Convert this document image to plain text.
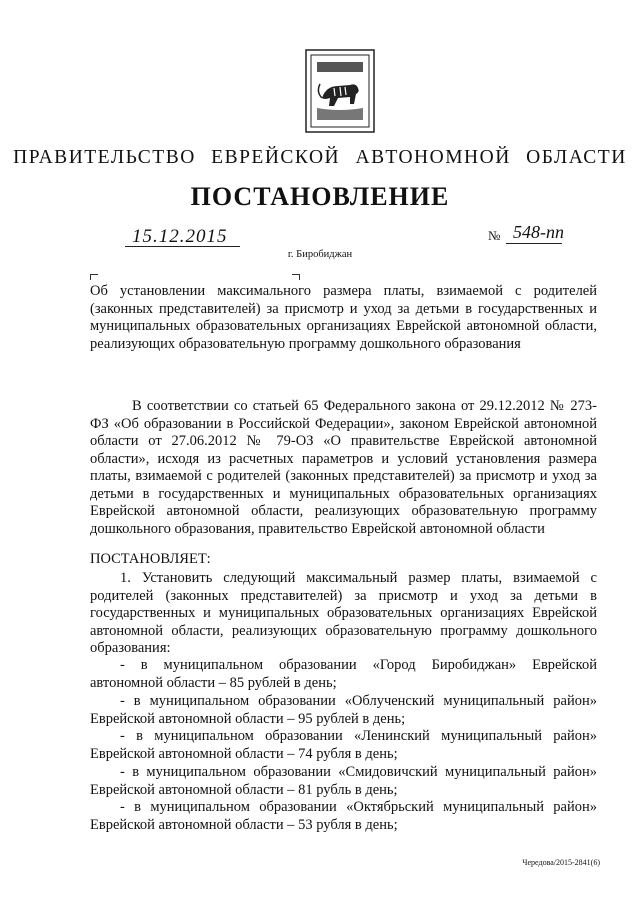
ПРАВИТЕЛЬСТВО ЕВРЕЙСКОЙ АВТОНОМНОЙ ОБЛАСТИ
ПОСТАНОВЛЕНИЕ
15.12.2015	№ 548-пп
г. Биробиджан

Об установлении максимального размера платы, взимаемой с родителей (законных представителей) за присмотр и уход за детьми в государственных и муниципальных образовательных организациях Еврейской автономной области, реализующих образовательную программу дошкольного образования

В соответствии со статьей 65 Федерального закона от 29.12.2012 № 273-ФЗ «Об образовании в Российской Федерации», законом Еврейской автономной области от 27.06.2012 № 79-ОЗ «О правительстве Еврейской автономной области», исходя из расчетных параметров и условий установления размера платы, взимаемой с родителей (законных представителей) за присмотр и уход за детьми в государственных и муниципальных образовательных организациях Еврейской автономной области, реализующих образовательную программу дошкольного образования, правительство Еврейской автономной области

ПОСТАНОВЛЯЕТ:

1. Установить следующий максимальный размер платы, взимаемой с родителей (законных представителей) за присмотр и уход за детьми в государственных и муниципальных образовательных организациях Еврейской автономной области, реализующих образовательную программу дошкольного образования:

- в муниципальном образовании «Город Биробиджан» Еврейской автономной области – 85 рублей в день;

- в муниципальном образовании «Облученский муниципальный район» Еврейской автономной области – 95 рублей в день;

- в муниципальном образовании «Ленинский муниципальный район» Еврейской автономной области – 74 рубля в день;

- в муниципальном образовании «Смидовичский муниципальный район» Еврейской автономной области – 81 рубль в день;

- в муниципальном образовании «Октябрьский муниципальный район» Еврейской автономной области – 53 рубля в день;

Чередова/2015-2841(6)
